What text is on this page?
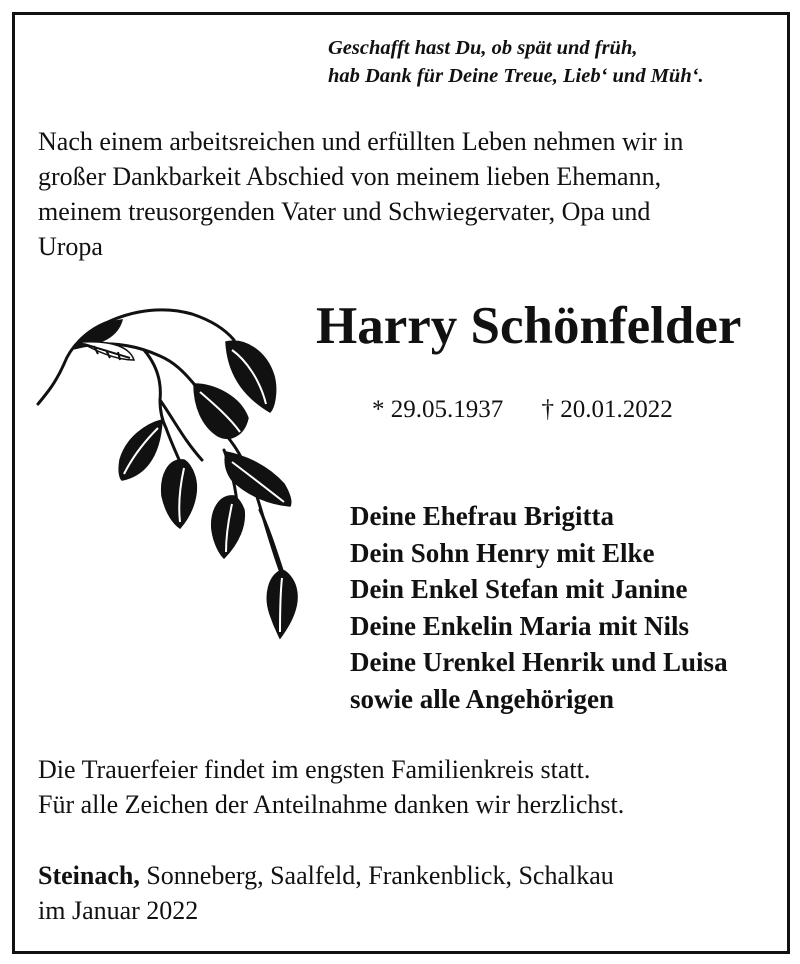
Geschafft hast Du, ob spät und früh,
hab Dank für Deine Treue, Lieb‘ und Müh‘.
Nach einem arbeitsreichen und erfüllten Leben nehmen wir in
großer Dankbarkeit Abschied von meinem lieben Ehemann,
meinem treusorgenden Vater und Schwiegervater, Opa und
Uropa
Harry Schönfelder
* 29.05.1937 † 20.01.2022
Deine Ehefrau Brigitta
Dein Sohn Henry mit Elke
Dein Enkel Stefan mit Janine
Deine Enkelin Maria mit Nils
Deine Urenkel Henrik und Luisa
sowie alle Angehörigen
Die Trauerfeier findet im engsten Familienkreis statt.
Für alle Zeichen der Anteilnahme danken wir herzlichst.
Steinach, Sonneberg, Saalfeld, Frankenblick, Schalkau
im Januar 2022
